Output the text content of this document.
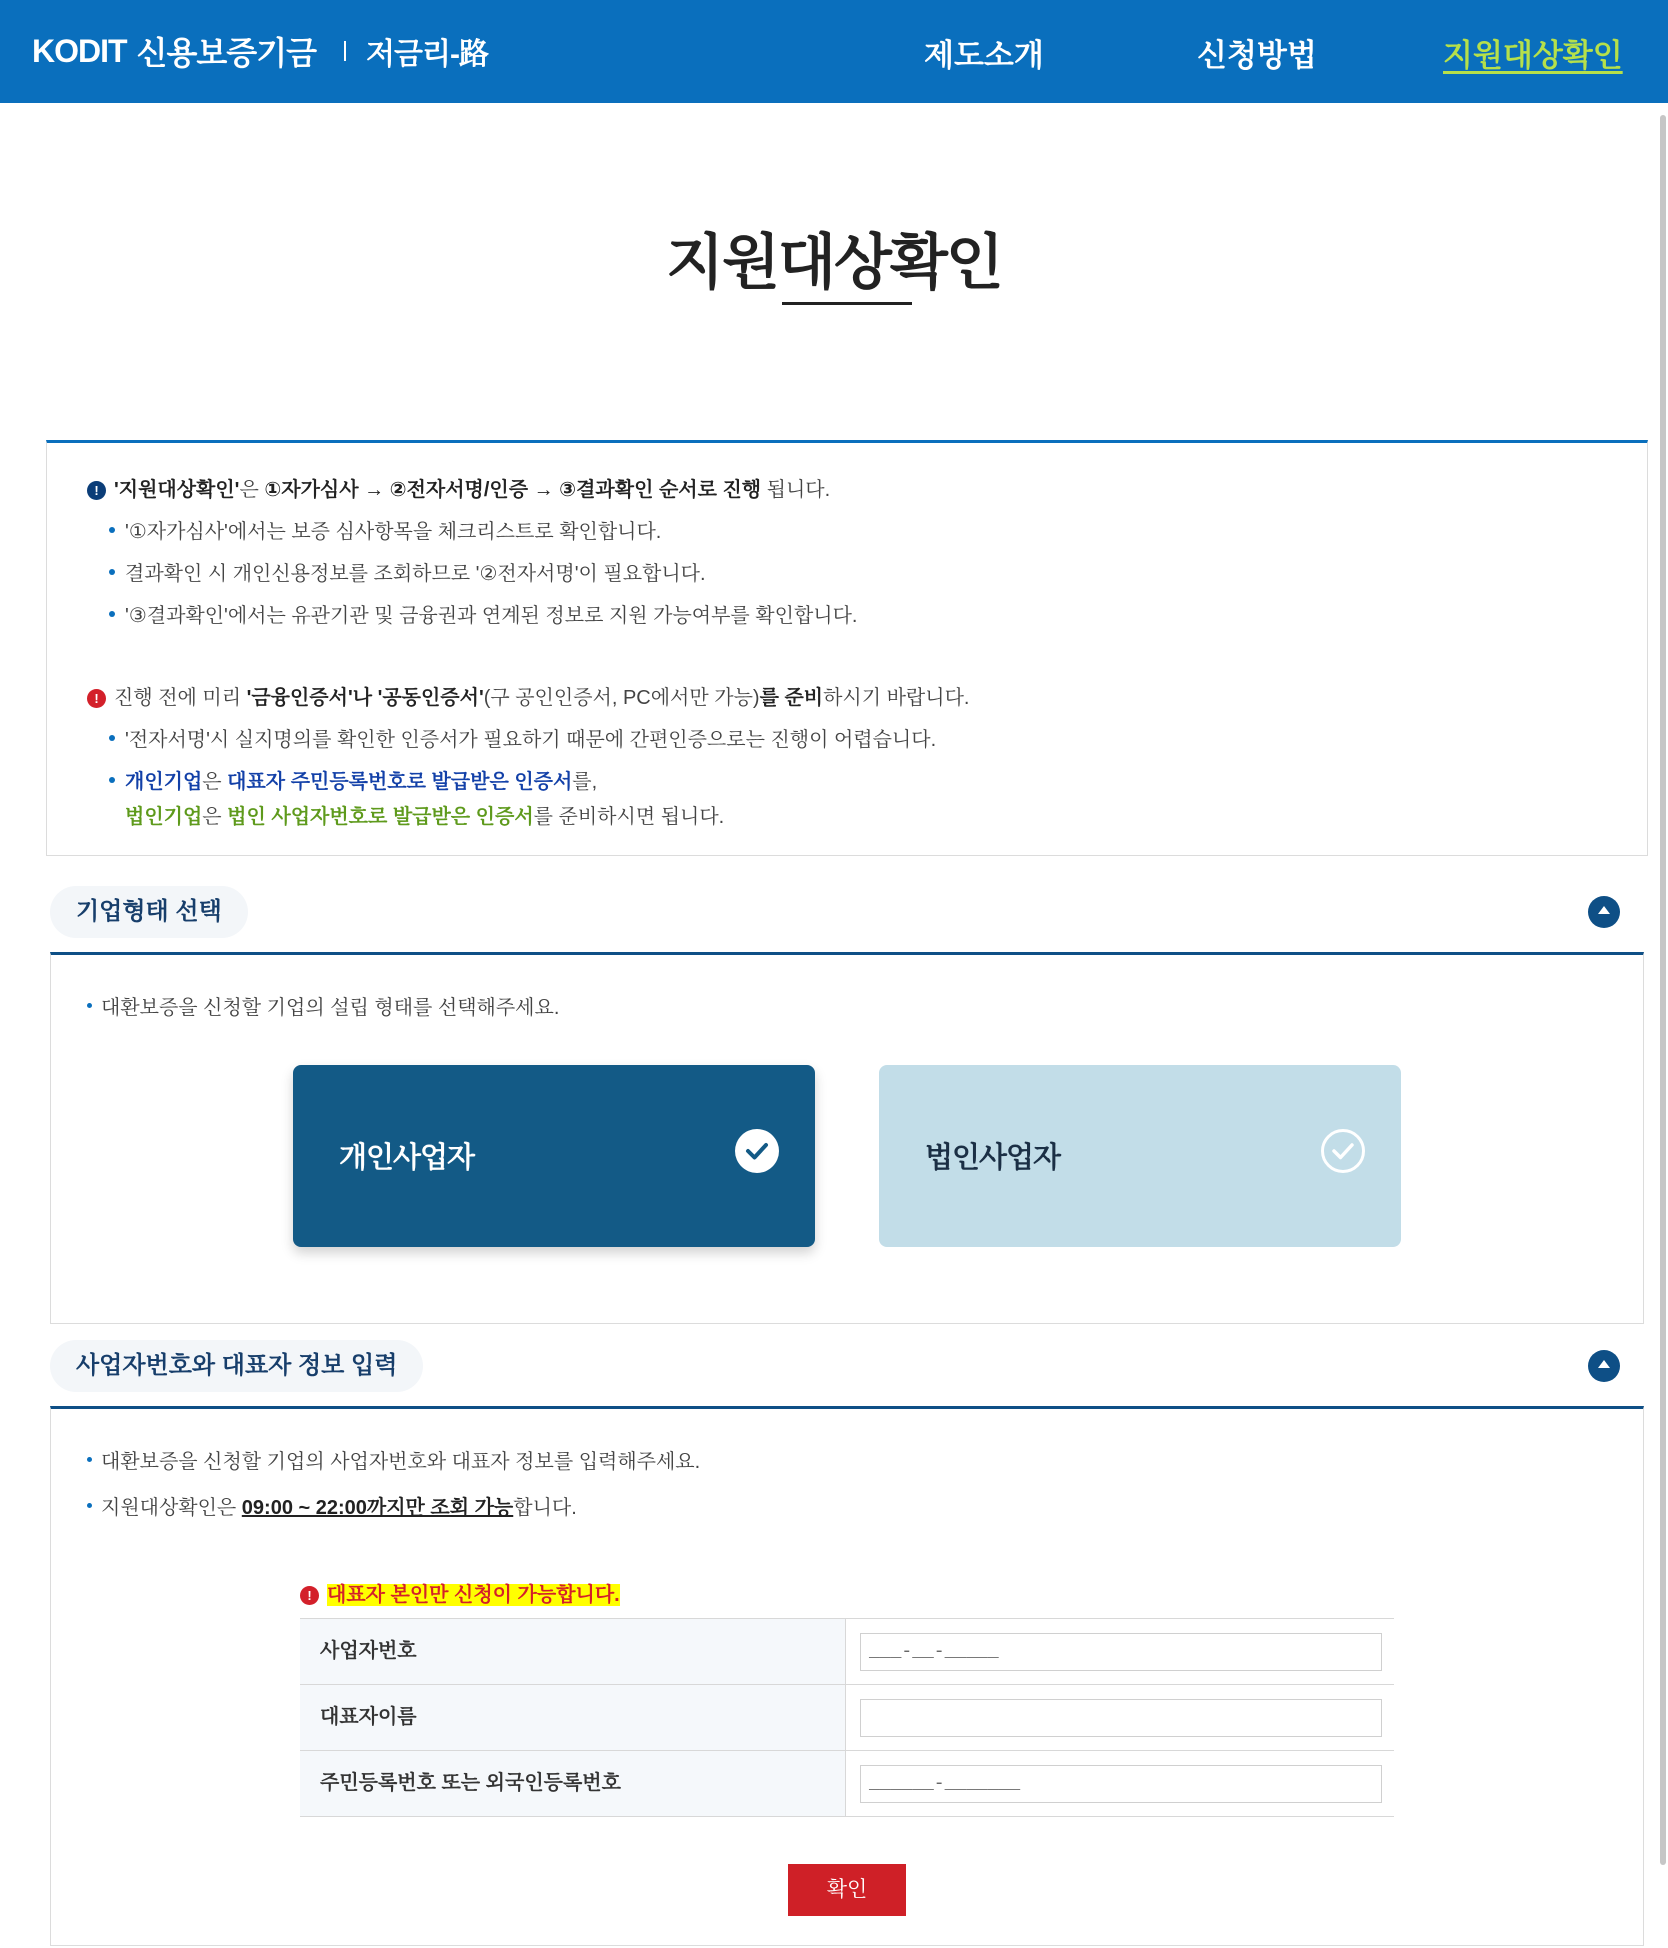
KODIT 신용보증기금 저금리-路	제도소개	신청방법	지원대상확인
지원대상확인
! '지원대상확인'은 ①자가심사 → ②전자서명/인증 → ③결과확인 순서로 진행 됩니다.
'①자가심사'에서는 보증 심사항목을 체크리스트로 확인합니다.
결과확인 시 개인신용정보를 조회하므로 '②전자서명'이 필요합니다.
'③결과확인'에서는 유관기관 및 금융권과 연계된 정보로 지원 가능여부를 확인합니다.
! 진행 전에 미리 '금융인증서'나 '공동인증서'(구 공인인증서, PC에서만 가능)를 준비하시기 바랍니다.
'전자서명'시 실지명의를 확인한 인증서가 필요하기 때문에 간편인증으로는 진행이 어렵습니다.
개인기업은 대표자 주민등록번호로 발급받은 인증서를,
법인기업은 법인 사업자번호로 발급받은 인증서를 준비하시면 됩니다.
기업형태 선택
대환보증을 신청할 기업의 설립 형태를 선택해주세요.
개인사업자	법인사업자
사업자번호와 대표자 정보 입력
대환보증을 신청할 기업의 사업자번호와 대표자 정보를 입력해주세요.
지원대상확인은 09:00 ~ 22:00까지만 조회 가능합니다.
! 대표자 본인만 신청이 가능합니다.
사업자번호	___-__-_____
대표자이름
주민등록번호 또는 외국인등록번호	______-_______
확인
